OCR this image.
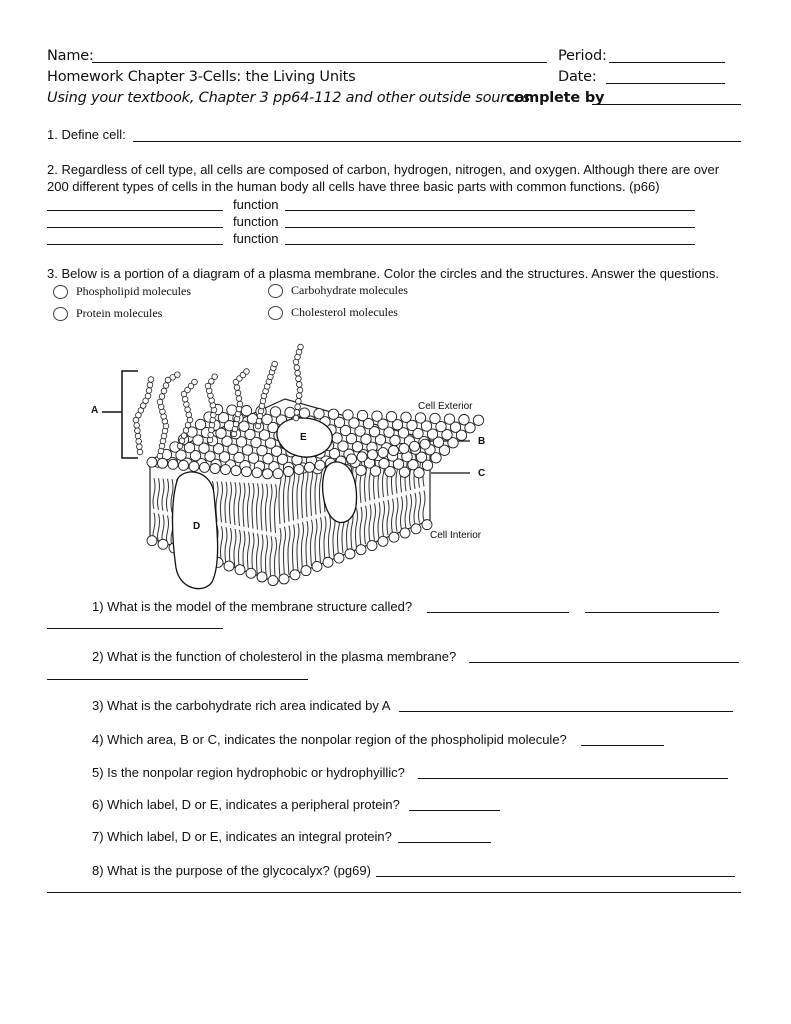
Name:	Period:
Homework Chapter 3-Cells: the Living Units	Date:
Using your textbook, Chapter 3 pp64-112 and other outside sources.
complete by
1. Define cell:
2. Regardless of cell type, all cells are composed of carbon, hydrogen, nitrogen, and oxygen. Although there are over
200 different types of cells in the human body all cells have three basic parts with common functions. (p66)
function
function
function
3. Below is a portion of a diagram of a plasma membrane. Color the circles and the structures. Answer the questions.
Phospholipid molecules	Carbohydrate molecules
Protein molecules	Cholesterol molecules
A
B
C
D
E
Cell Exterior
Cell Interior
1) What is the model of the membrane structure called?
2) What is the function of cholesterol in the plasma membrane?
3) What is the carbohydrate rich area indicated by A
4) Which area, B or C, indicates the nonpolar region of the phospholipid molecule?
5) Is the nonpolar region hydrophobic or hydrophyillic?
6) Which label, D or E, indicates a peripheral protein?
7) Which label, D or E, indicates an integral protein?
8) What is the purpose of the glycocalyx? (pg69)
